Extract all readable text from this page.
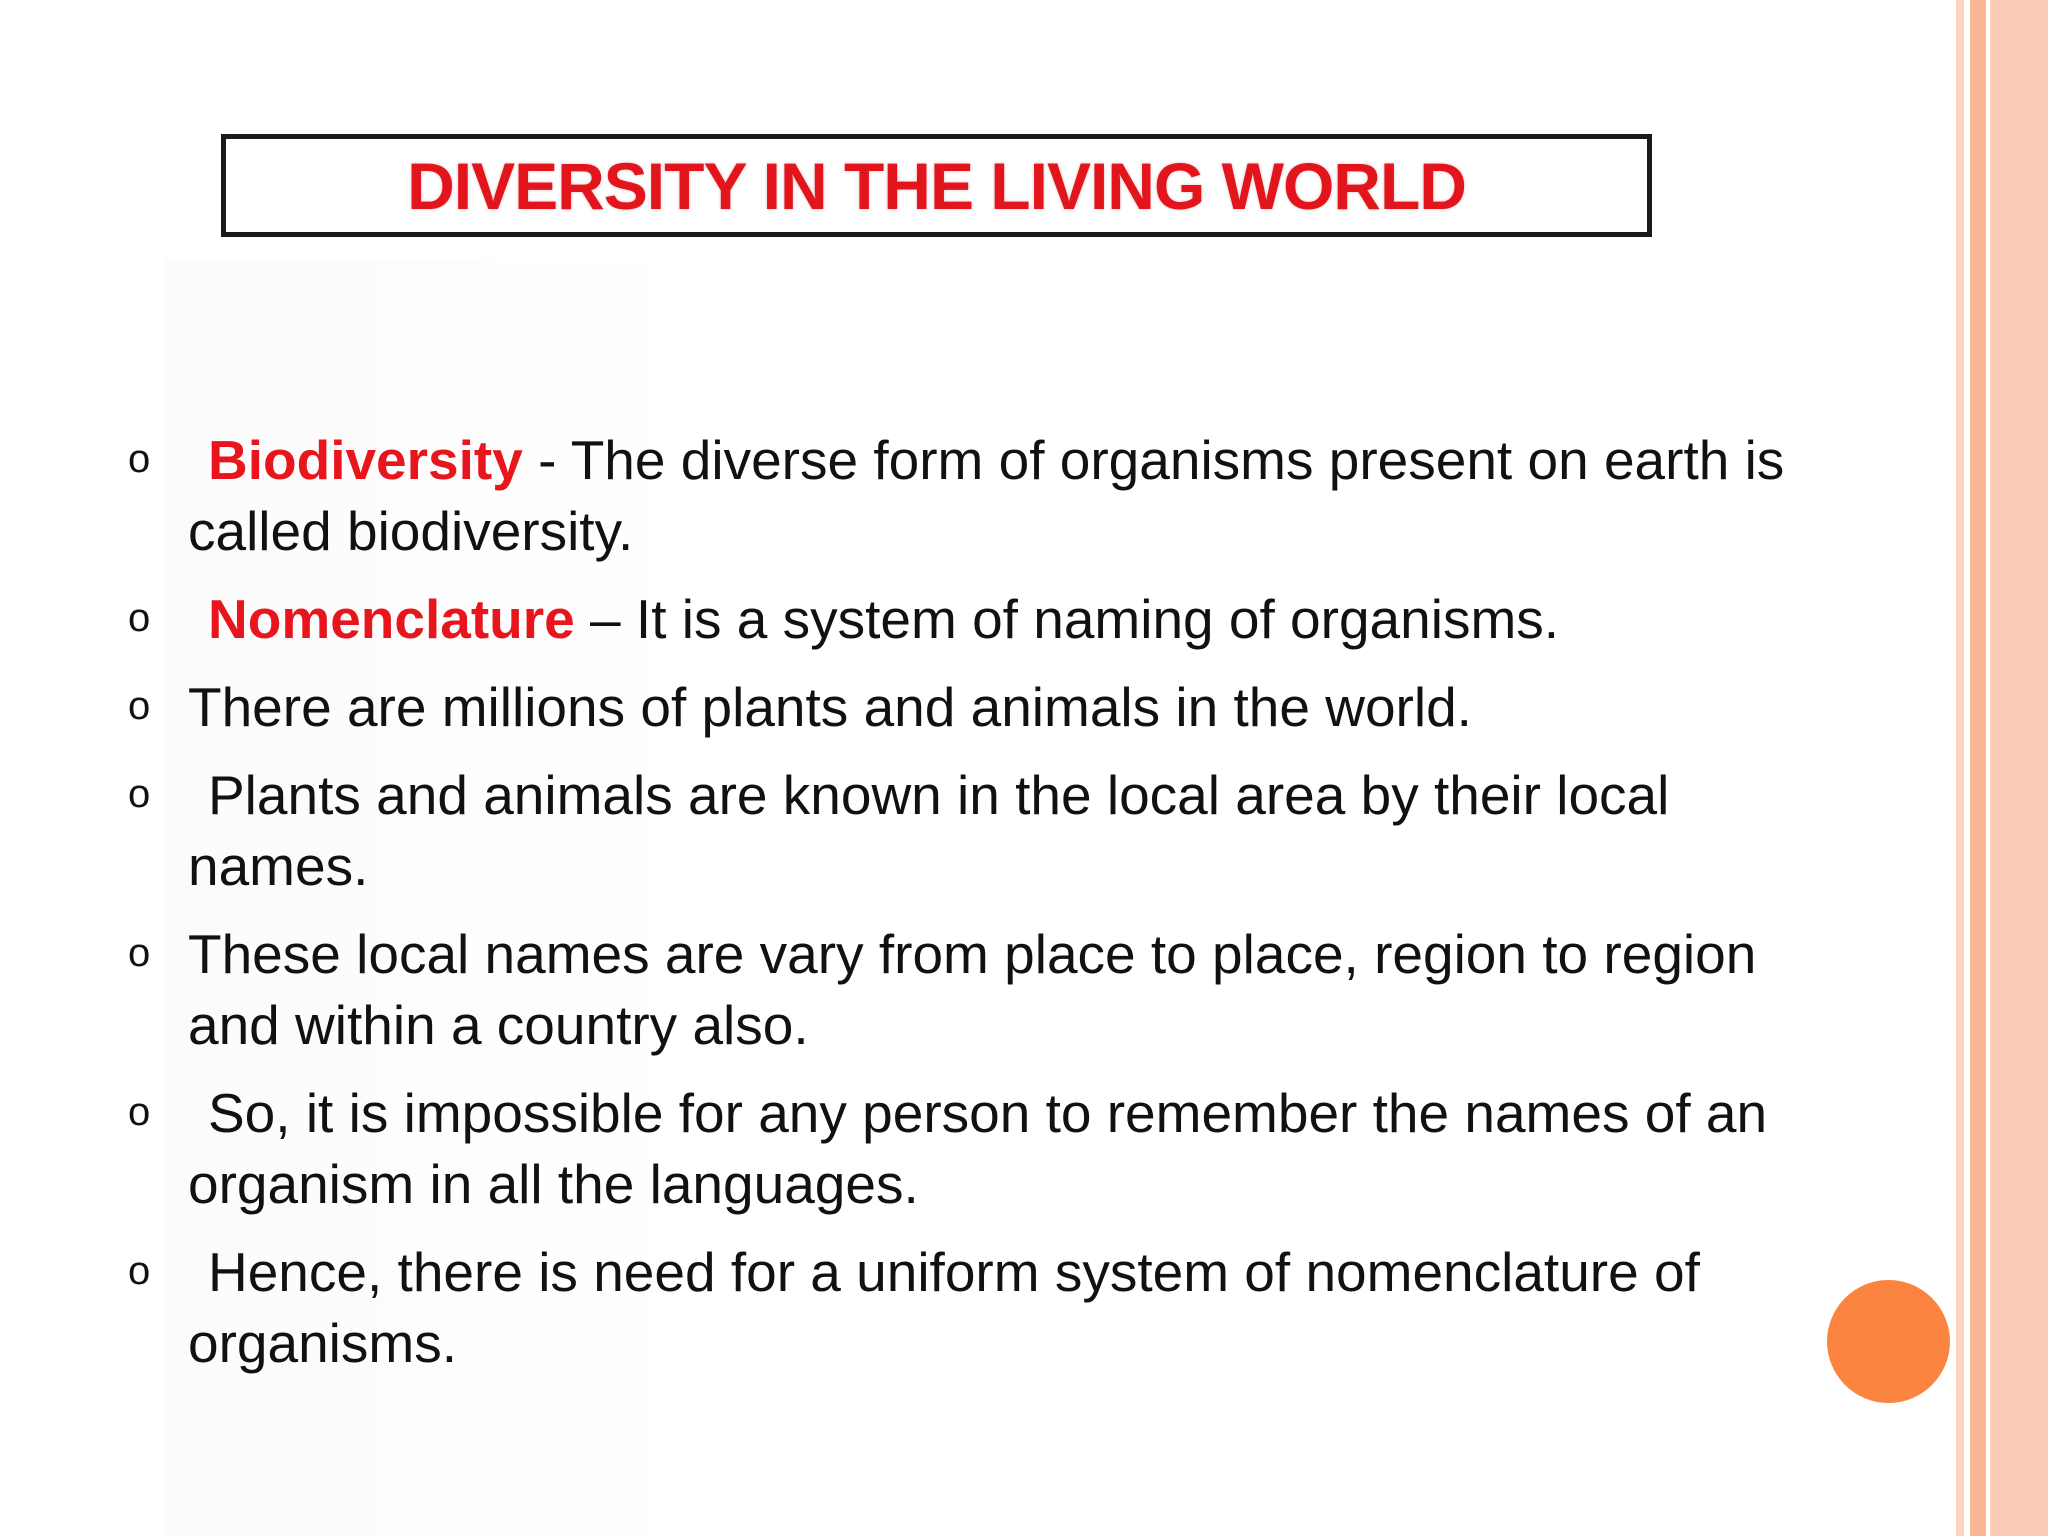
DIVERSITY IN THE LIVING WORLD
o Biodiversity - The diverse form of organisms present on earth is called biodiversity.
o Nomenclature – It is a system of naming of organisms.
o There are millions of plants and animals in the world.
o Plants and animals are known in the local area by their local names.
o These local names are vary from place to place, region to region and within a country also.
o So, it is impossible for any person to remember the names of an organism in all the languages.
o Hence, there is need for a uniform system of nomenclature of organisms.
